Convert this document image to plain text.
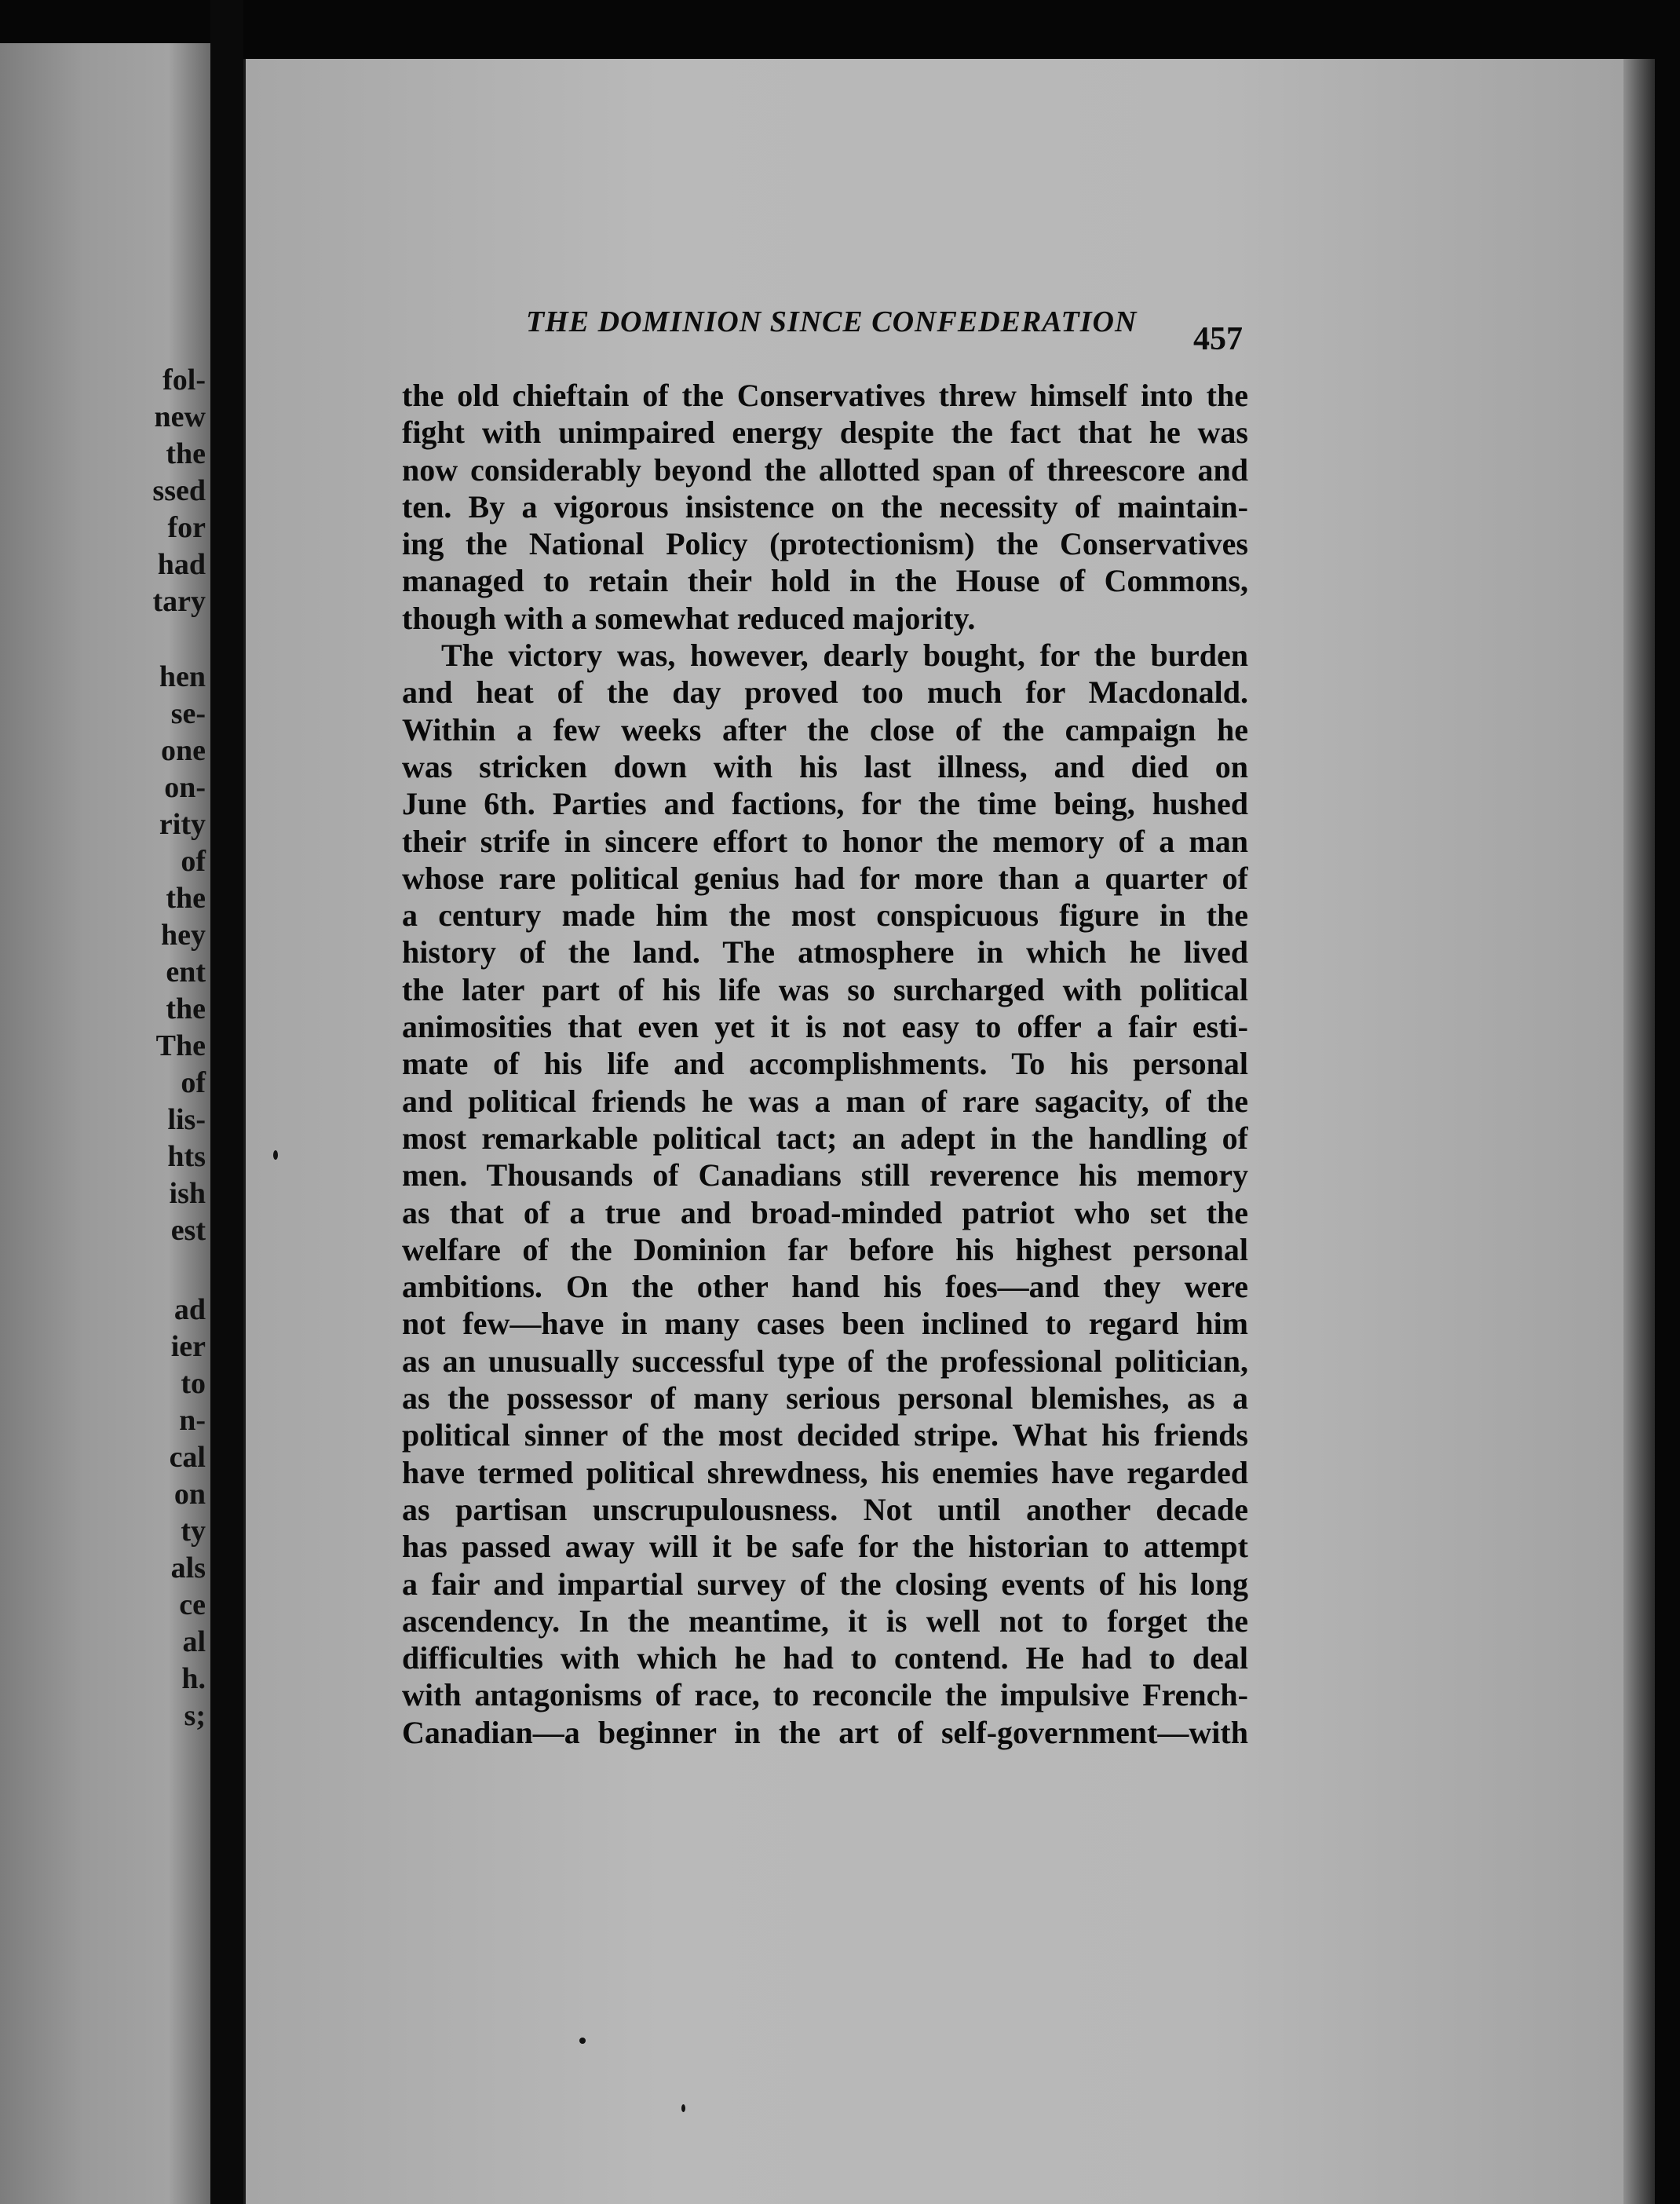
fol-

new

the

ssed

for

had

tary

hen

se-

one

on-

rity

of

the

hey

ent

the

The

of

lis-

hts

ish

est

ad

ier

to

n-

cal

on

ty

als

ce

al

h.

s;

THE DOMINION SINCE CONFEDERATION 457

the old chieftain of the Conservatives threw himself into the
fight with unimpaired energy despite the fact that he was
now considerably beyond the allotted span of threescore and
ten. By a vigorous insistence on the necessity of maintain-
ing the National Policy (protectionism) the Conservatives
managed to retain their hold in the House of Commons,
though with a somewhat reduced majority.
The victory was, however, dearly bought, for the burden
and heat of the day proved too much for Macdonald.
Within a few weeks after the close of the campaign he
was stricken down with his last illness, and died on
June 6th. Parties and factions, for the time being, hushed
their strife in sincere effort to honor the memory of a man
whose rare political genius had for more than a quarter of
a century made him the most conspicuous figure in the
history of the land. The atmosphere in which he lived
the later part of his life was so surcharged with political
animosities that even yet it is not easy to offer a fair esti-
mate of his life and accomplishments. To his personal
and political friends he was a man of rare sagacity, of the
most remarkable political tact; an adept in the handling of
men. Thousands of Canadians still reverence his memory
as that of a true and broad-minded patriot who set the
welfare of the Dominion far before his highest personal
ambitions. On the other hand his foes—and they were
not few—have in many cases been inclined to regard him
as an unusually successful type of the professional politician,
as the possessor of many serious personal blemishes, as a
political sinner of the most decided stripe. What his friends
have termed political shrewdness, his enemies have regarded
as partisan unscrupulousness. Not until another decade
has passed away will it be safe for the historian to attempt
a fair and impartial survey of the closing events of his long
ascendency. In the meantime, it is well not to forget the
difficulties with which he had to contend. He had to deal
with antagonisms of race, to reconcile the impulsive French-
Canadian—a beginner in the art of self-government—with
